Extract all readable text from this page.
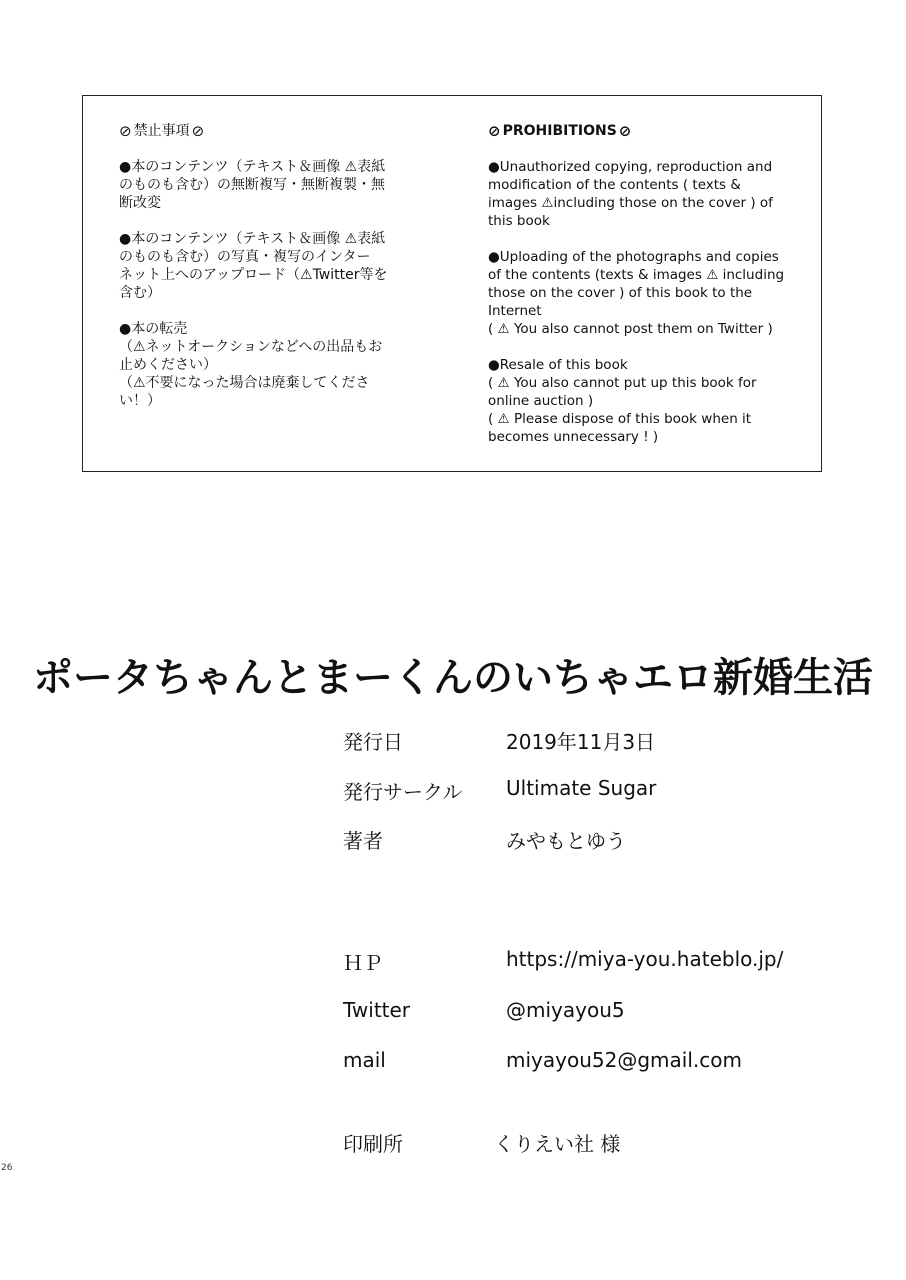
⊘ 禁止事項 ⊘
●本のコンテンツ（テキスト＆画像 ⚠表紙
のものも含む）の無断複写・無断複製・無
断改変
●本のコンテンツ（テキスト＆画像 ⚠表紙
のものも含む）の写真・複写のインター
ネット上へのアップロード（⚠Twitter等を
含む）
●本の転売
（⚠ネットオークションなどへの出品もお
止めください）
（⚠不要になった場合は廃棄してくださ
い！）
⊘ PROHIBITIONS ⊘
●Unauthorized copying, reproduction and
modification of the contents ( texts &
images ⚠including those on the cover ) of
this book
●Uploading of the photographs and copies
of the contents (texts & images ⚠ including
those on the cover ) of this book to the
Internet
( ⚠ You also cannot post them on Twitter )
●Resale of this book
( ⚠ You also cannot put up this book for
online auction )
( ⚠ Please dispose of this book when it
becomes unnecessary ! )
ポータちゃんとまーくんのいちゃエロ新婚生活
発行日	2019年11月3日
発行サークル Ultimate Sugar
著者	みやもとゆう
ＨＰ	https://miya-you.hateblo.jp/
Twitter	@miyayou5
mail	miyayou52@gmail.com
印刷所	くりえい社 様
26
